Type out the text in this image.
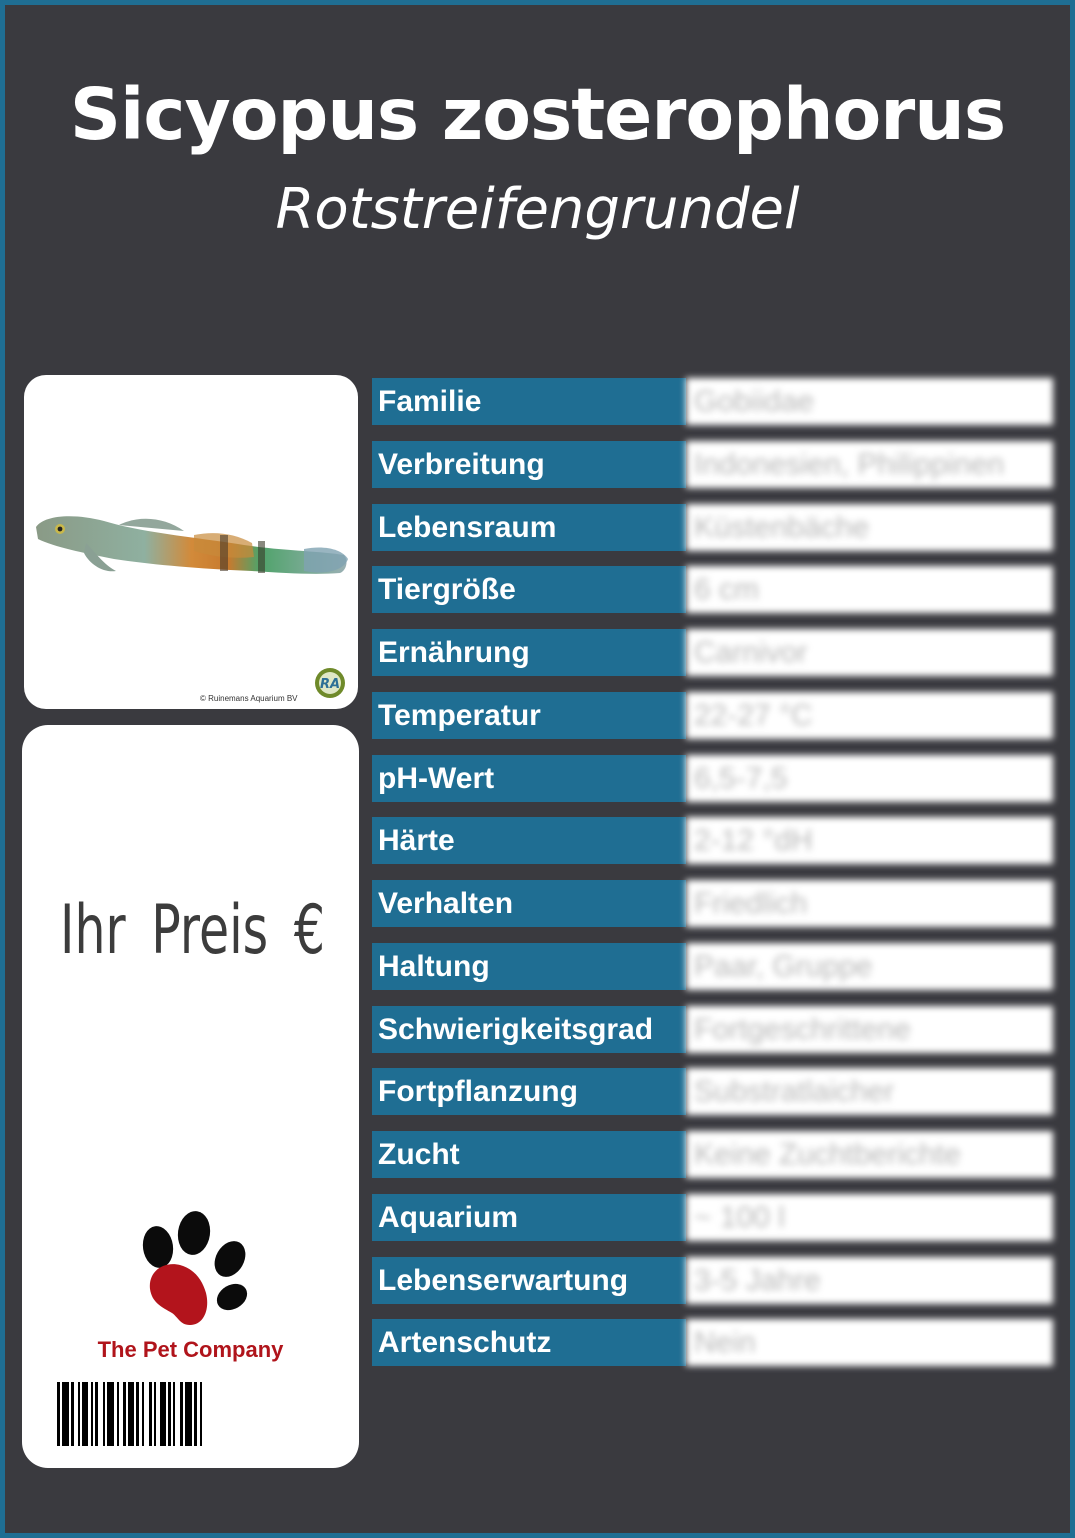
Sicyopus zosterophorus
Rotstreifengrundel
© Ruinemans Aquarium BV
RA
Ihr Preis €
The Pet Company
Familie	Gobiidae
Verbreitung	Indonesien, Philippinen
Lebensraum	Küstenbäche
Tiergröße	6 cm
Ernährung	Carnivor
Temperatur	22-27 °C
pH-Wert	6,5-7,5
Härte	2-12 °dH
Verhalten	Friedlich
Haltung	Paar, Gruppe
Schwierigkeitsgrad	Fortgeschrittene
Fortpflanzung	Substratlaicher
Zucht	Keine Zuchtberichte
Aquarium	~ 100 l
Lebenserwartung	3-5 Jahre
Artenschutz	Nein
